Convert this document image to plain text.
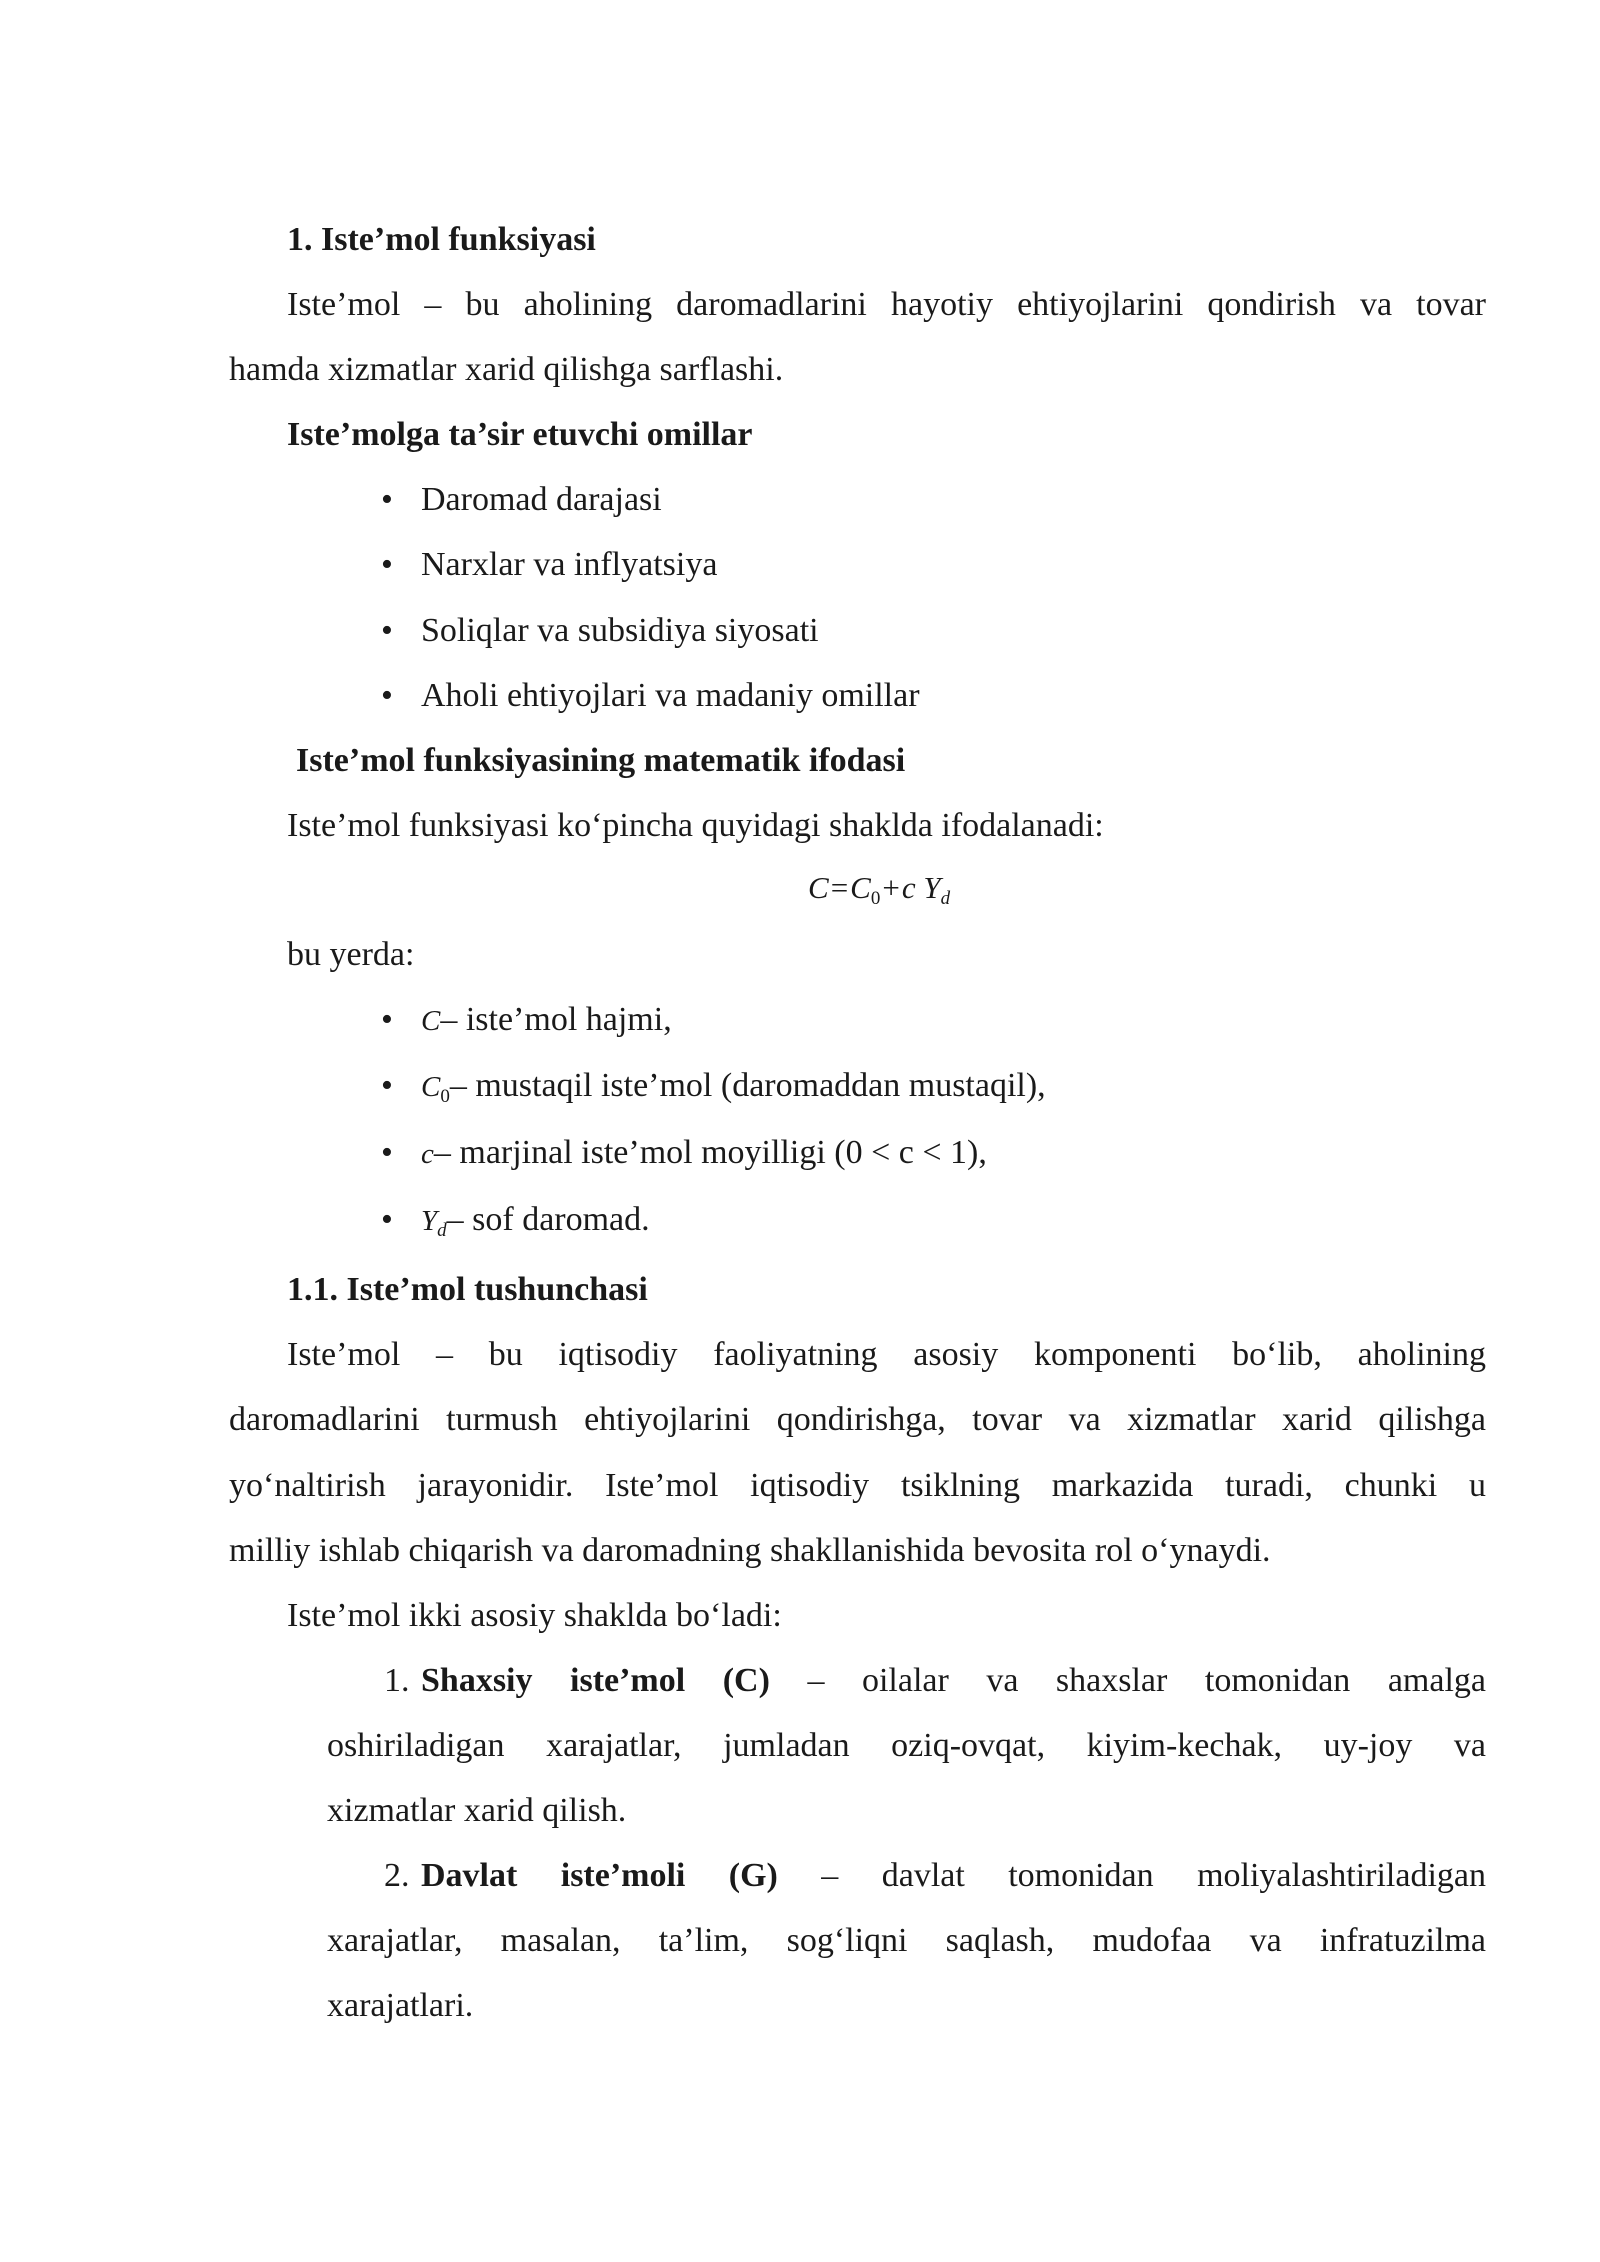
1. Iste’mol funksiyasi
Iste’mol – bu aholining daromadlarini hayotiy ehtiyojlarini qondirish va tovar
hamda xizmatlar xarid qilishga sarflashi.
Iste’molga ta’sir etuvchi omillar
• Daromad darajasi
• Narxlar va inflyatsiya
• Soliqlar va subsidiya siyosati
• Aholi ehtiyojlari va madaniy omillar
Iste’mol funksiyasining matematik ifodasi
Iste’mol funksiyasi ko‘pincha quyidagi shaklda ifodalanadi:
$C=C_0+c$ $Y_d$
bu yerda:
• C– iste’mol hajmi,
• $C_0-$ mustaqil iste’mol (daromaddan mustaqil),
• c– marjinal iste’mol moyilligi (0 < c < 1),
• $Y_d-$ sof daromad.
1.1. Iste’mol tushunchasi
Iste’mol – bu iqtisodiy faoliyatning asosiy komponenti bo‘lib, aholining
daromadlarini turmush ehtiyojlarini qondirishga, tovar va xizmatlar xarid qilishga
yo‘naltirish jarayonidir. Iste’mol iqtisodiy tsiklning markazida turadi, chunki u
milliy ishlab chiqarish va daromadning shakllanishida bevosita rol o‘ynaydi.
Iste’mol ikki asosiy shaklda bo‘ladi:
1. Shaxsiy iste’mol (C) – oilalar va shaxslar tomonidan amalga
oshiriladigan xarajatlar, jumladan oziq-ovqat, kiyim-kechak, uy-joy va
xizmatlar xarid qilish.
2. Davlat iste’moli (G) – davlat tomonidan moliyalashtiriladigan
xarajatlar, masalan, ta’lim, sog‘liqni saqlash, mudofaa va infratuzilma
xarajatlari.
